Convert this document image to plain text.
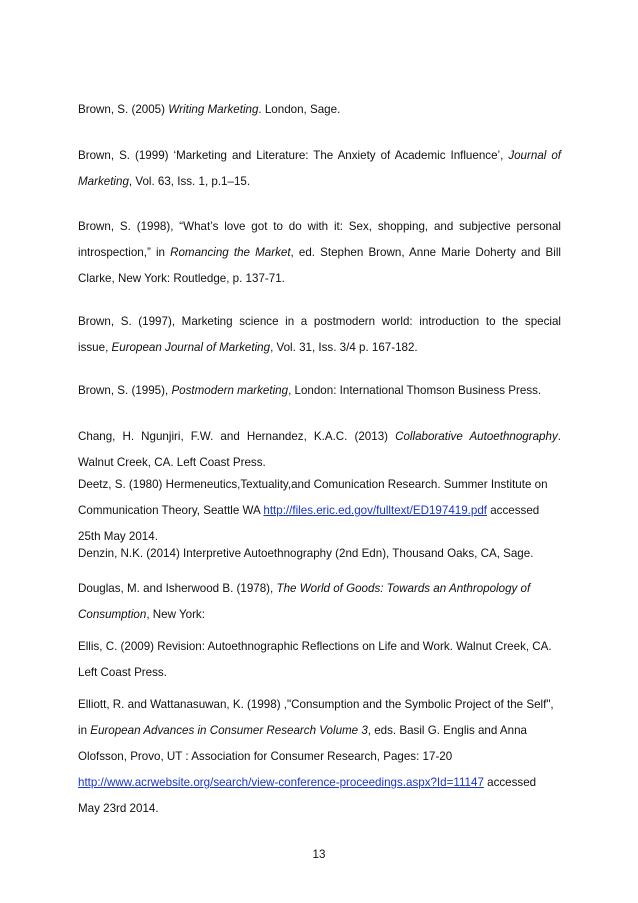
Brown, S. (2005) Writing Marketing. London, Sage.
Brown, S. (1999) ‘Marketing and Literature: The Anxiety of Academic Influence’, Journal of
Marketing, Vol. 63, Iss. 1, p.1–15.
Brown, S. (1998), “What’s love got to do with it: Sex, shopping, and subjective personal
introspection,” in Romancing the Market, ed. Stephen Brown, Anne Marie Doherty and Bill
Clarke, New York: Routledge, p. 137-71.
Brown, S. (1997), Marketing science in a postmodern world: introduction to the special
issue, European Journal of Marketing, Vol. 31, Iss. 3/4 p. 167-182.
Brown, S. (1995), Postmodern marketing, London: International Thomson Business Press.
Chang, H. Ngunjiri, F.W. and Hernandez, K.A.C. (2013) Collaborative Autoethnography.
Walnut Creek, CA. Left Coast Press.
Deetz, S. (1980) Hermeneutics,Textuality,and Comunication Research. Summer Institute on
Communication Theory, Seattle WA http://files.eric.ed.gov/fulltext/ED197419.pdf accessed
25th May 2014.
Denzin, N.K. (2014) Interpretive Autoethnography (2nd Edn), Thousand Oaks, CA, Sage.
Douglas, M. and Isherwood B. (1978), The World of Goods: Towards an Anthropology of
Consumption, New York:
Ellis, C. (2009) Revision: Autoethnographic Reflections on Life and Work. Walnut Creek, CA.
Left Coast Press.
Elliott, R. and Wattanasuwan, K. (1998) ,"Consumption and the Symbolic Project of the Self",
in European Advances in Consumer Research Volume 3, eds. Basil G. Englis and Anna
Olofsson, Provo, UT : Association for Consumer Research, Pages: 17-20
http://www.acrwebsite.org/search/view-conference-proceedings.aspx?Id=11147 accessed
May 23rd 2014.
13
